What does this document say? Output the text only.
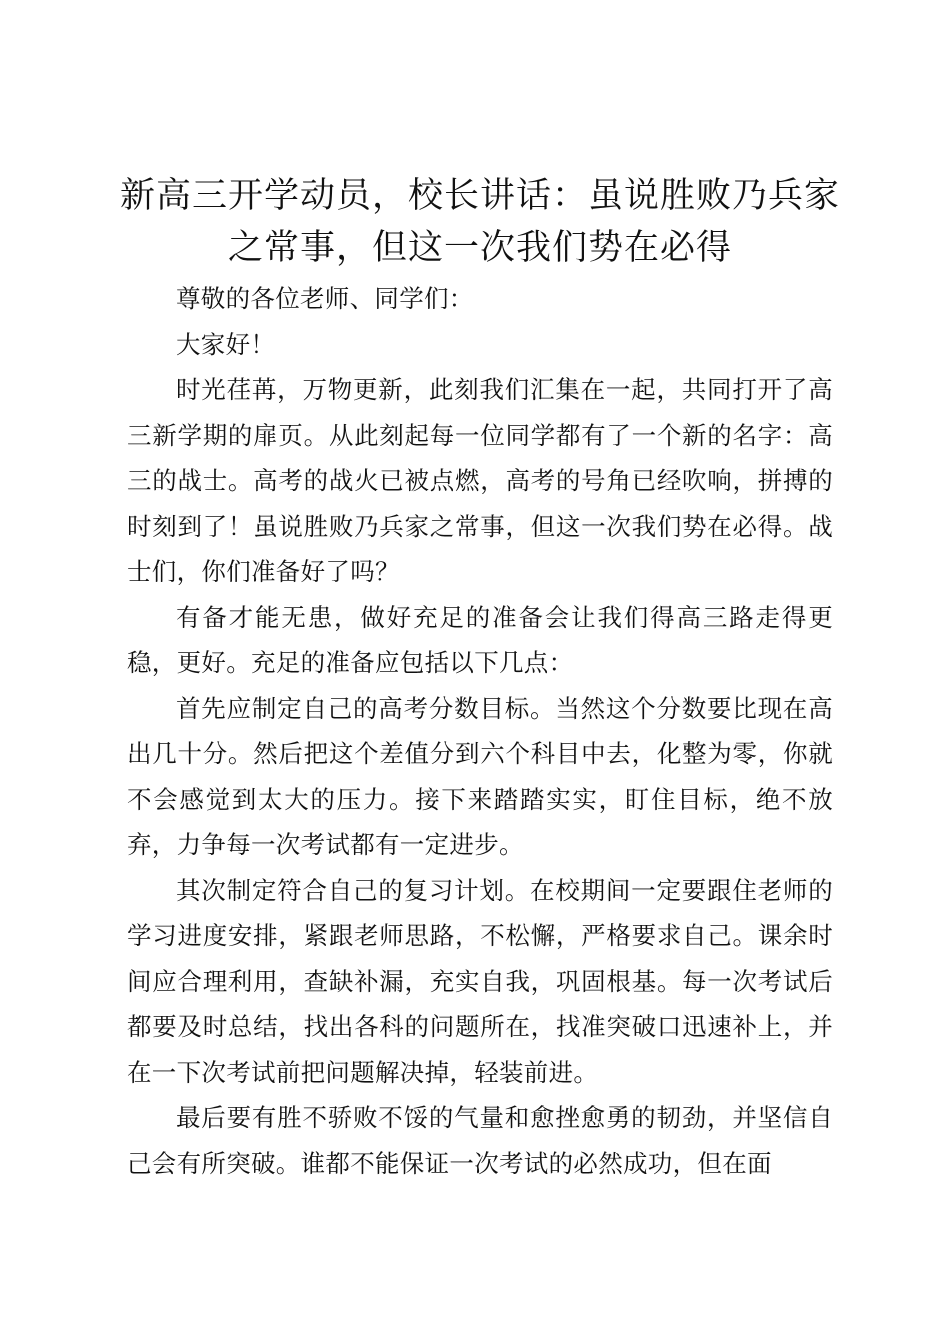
新高三开学动员，校长讲话：虽说胜败乃兵家之常事，但这一次我们势在必得

尊敬的各位老师、同学们：

大家好！

时光荏苒，万物更新，此刻我们汇集在一起，共同打开了高三新学期的扉页。从此刻起每一位同学都有了一个新的名字：高三的战士。高考的战火已被点燃，高考的号角已经吹响，拼搏的时刻到了！虽说胜败乃兵家之常事，但这一次我们势在必得。战士们，你们准备好了吗？

有备才能无患，做好充足的准备会让我们得高三路走得更稳，更好。充足的准备应包括以下几点：

首先应制定自己的高考分数目标。当然这个分数要比现在高出几十分。然后把这个差值分到六个科目中去，化整为零，你就不会感觉到太大的压力。接下来踏踏实实，盯住目标，绝不放弃，力争每一次考试都有一定进步。

其次制定符合自己的复习计划。在校期间一定要跟住老师的学习进度安排，紧跟老师思路，不松懈，严格要求自己。课余时间应合理利用，查缺补漏，充实自我，巩固根基。每一次考试后都要及时总结，找出各科的问题所在，找准突破口迅速补上，并在一下次考试前把问题解决掉，轻装前进。

最后要有胜不骄败不馁的气量和愈挫愈勇的韧劲，并坚信自己会有所突破。谁都不能保证一次考试的必然成功，但在面
